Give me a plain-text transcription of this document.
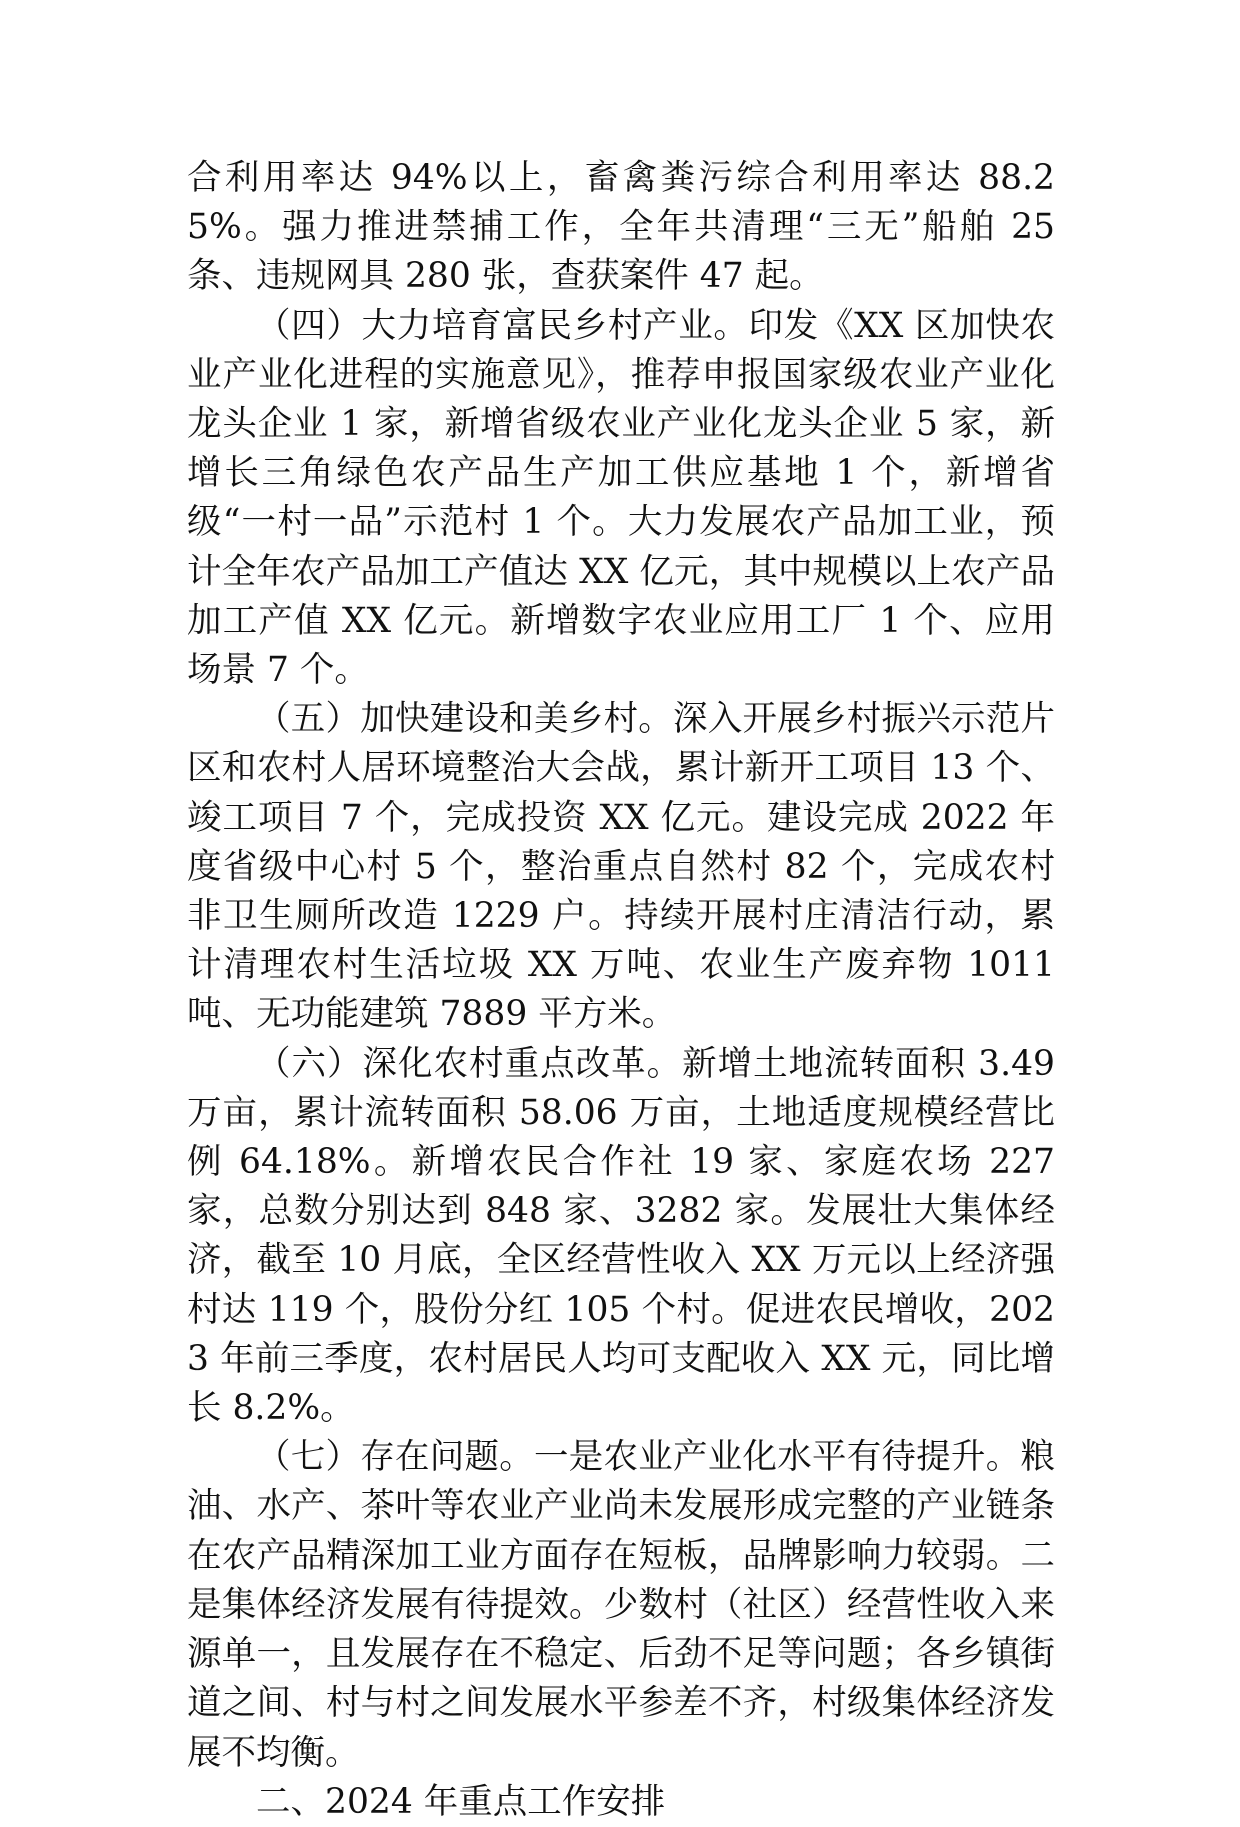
合利用率达 94%以上，畜禽粪污综合利用率达 88.25%。强力推进禁捕工作，全年共清理“三无”船舶 25 条、违规网具 280 张，查获案件 47 起。

（四）大力培育富民乡村产业。印发《XX 区加快农业产业化进程的实施意见》，推荐申报国家级农业产业化龙头企业 1 家，新增省级农业产业化龙头企业 5 家，新增长三角绿色农产品生产加工供应基地 1 个，新增省级“一村一品”示范村 1 个。大力发展农产品加工业，预计全年农产品加工产值达 XX 亿元，其中规模以上农产品加工产值 XX 亿元。新增数字农业应用工厂 1 个、应用场景 7 个。

（五）加快建设和美乡村。深入开展乡村振兴示范片区和农村人居环境整治大会战，累计新开工项目 13 个、竣工项目 7 个，完成投资 XX 亿元。建设完成 2022 年度省级中心村 5 个，整治重点自然村 82 个，完成农村非卫生厕所改造 1229 户。持续开展村庄清洁行动，累计清理农村生活垃圾 XX 万吨、农业生产废弃物 1011 吨、无功能建筑 7889 平方米。

（六）深化农村重点改革。新增土地流转面积 3.49 万亩，累计流转面积 58.06 万亩，土地适度规模经营比例 64.18%。新增农民合作社 19 家、家庭农场 227 家，总数分别达到 848 家、3282 家。发展壮大集体经济，截至 10 月底，全区经营性收入 XX 万元以上经济强村达 119 个，股份分红 105 个村。促进农民增收，2023 年前三季度，农村居民人均可支配收入 XX 元，同比增长 8.2%。

（七）存在问题。一是农业产业化水平有待提升。粮油、水产、茶叶等农业产业尚未发展形成完整的产业链条在农产品精深加工业方面存在短板，品牌影响力较弱。二是集体经济发展有待提效。少数村（社区）经营性收入来源单一，且发展存在不稳定、后劲不足等问题；各乡镇街道之间、村与村之间发展水平参差不齐，村级集体经济发展不均衡。

二、2024 年重点工作安排
